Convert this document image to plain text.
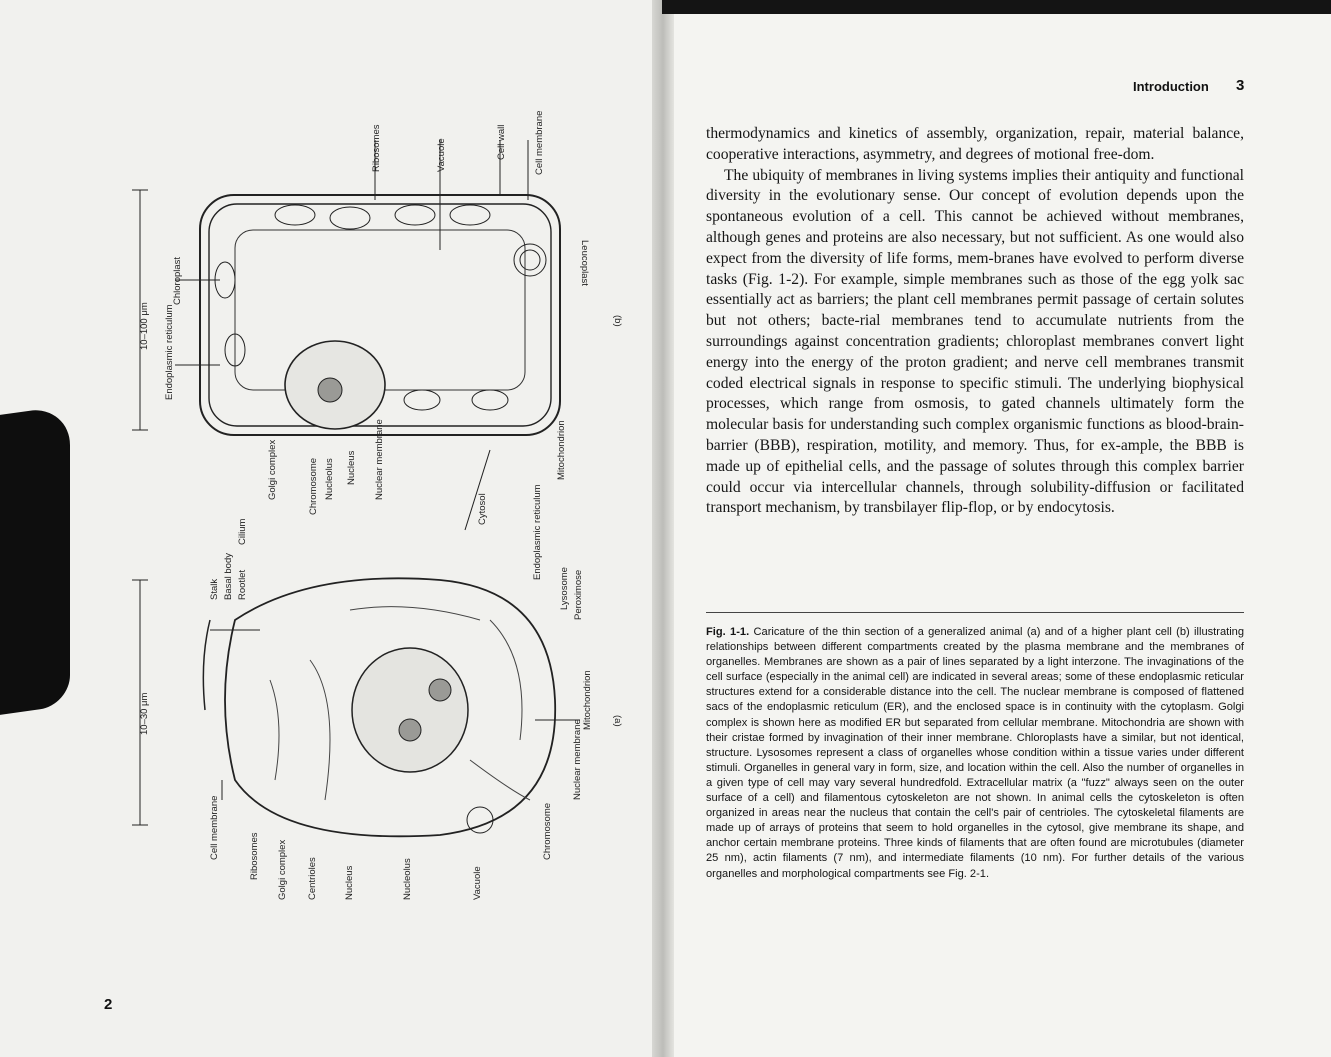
(b)
10–100 μm
Chloroplast
Endoplasmic reticulum
Ribosomes	Vacuole	Cell wall	Cell membrane
Leucoplast
Golgi complex	Chromosome Nucleolus Nucleus Nuclear membrane
Cytosol
Mitochondrion
(a)
10–30 μm
Stalk Basal body Rootlet
Cilium	Endoplasmic reticulum
Lysosome Peroximose
Mitochondrion
Nuclear membrane
Chromosome
Vacuole
Nucleolus
Nucleus
Centrioles
Golgi complex
Ribosomes
Cell membrane
2
Introduction 3

thermodynamics and kinetics of assembly, organization, repair, material balance, cooperative interactions, asymmetry, and degrees of motional free-dom.

The ubiquity of membranes in living systems implies their antiquity and functional diversity in the evolutionary sense. Our concept of evolution depends upon the spontaneous evolution of a cell. This cannot be achieved without membranes, although genes and proteins are also necessary, but not sufficient. As one would also expect from the diversity of life forms, mem-branes have evolved to perform diverse tasks (Fig. 1-2). For example, simple membranes such as those of the egg yolk sac essentially act as barriers; the plant cell membranes permit passage of certain solutes but not others; bacte-rial membranes tend to accumulate nutrients from the surroundings against concentration gradients; chloroplast membranes convert light energy into the energy of the proton gradient; and nerve cell membranes transmit coded electrical signals in response to specific stimuli. The underlying biophysical processes, which range from osmosis, to gated channels ultimately form the molecular basis for understanding such complex organismic functions as blood-brain-barrier (BBB), respiration, motility, and memory. Thus, for ex-ample, the BBB is made up of epithelial cells, and the passage of solutes through this complex barrier could occur via intercellular channels, through solubility-diffusion or facilitated transport mechanism, by transbilayer flip-flop, or by endocytosis.

Fig. 1-1. Caricature of the thin section of a generalized animal (a) and of a higher plant cell (b) illustrating relationships between different compartments created by the plasma membrane and the membranes of organelles. Membranes are shown as a pair of lines separated by a light interzone. The invaginations of the cell surface (especially in the animal cell) are indicated in several areas; some of these endoplasmic reticular structures extend for a considerable distance into the cell. The nuclear membrane is composed of flattened sacs of the endoplasmic reticulum (ER), and the enclosed space is in continuity with the cytoplasm. Golgi complex is shown here as modified ER but separated from cellular membrane. Mitochondria are shown with their cristae formed by invagination of their inner membrane. Chloroplasts have a similar, but not identical, structure. Lysosomes represent a class of organelles whose condition within a tissue varies under different stimuli. Organelles in general vary in form, size, and location within the cell. Also the number of organelles in a given type of cell may vary several hundredfold. Extracellular matrix (a "fuzz" always seen on the outer surface of a cell) and filamentous cytoskeleton are not shown. In animal cells the cytoskeleton is often organized in areas near the nucleus that contain the cell's pair of centrioles. The cytoskeletal filaments are made up of arrays of proteins that seem to hold organelles in the cytosol, give membrane its shape, and anchor certain membrane proteins. Three kinds of filaments that are often found are microtubules (diameter 25 nm), actin filaments (7 nm), and intermediate filaments (10 nm). For further details of the various organelles and morphological compartments see Fig. 2-1.
